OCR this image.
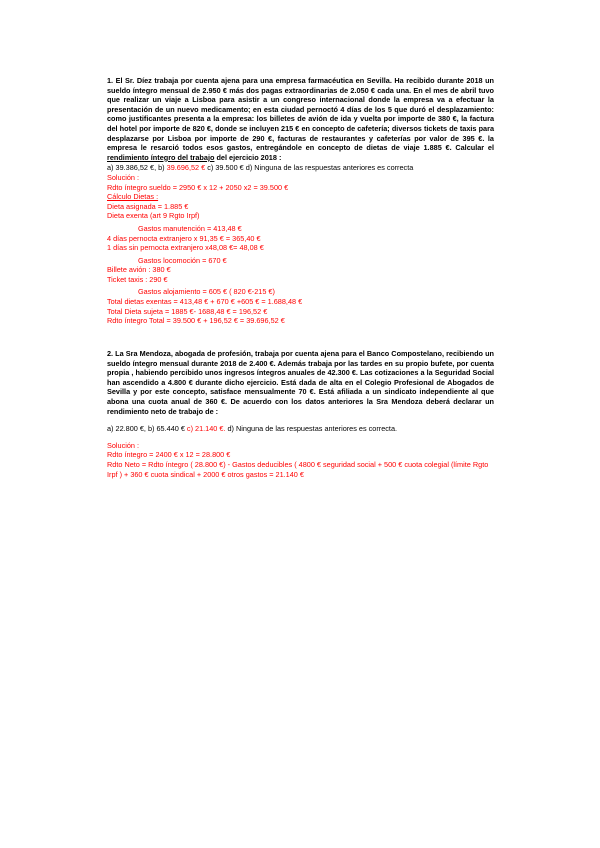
1. El Sr. Díez trabaja por cuenta ajena para una empresa farmacéutica en Sevilla. Ha recibido durante 2018 un sueldo íntegro mensual de 2.950 € más dos pagas extraordinarias de 2.050 € cada una. En el mes de abril tuvo que realizar un viaje a Lisboa para asistir a un congreso internacional donde la empresa va a efectuar la presentación de un nuevo medicamento; en esta ciudad pernoctó 4 días de los 5 que duró el desplazamiento: como justificantes presenta a la empresa: los billetes de avión de ida y vuelta por importe de 380 €, la factura del hotel por importe de 820 €, donde se incluyen 215 € en concepto de cafetería; diversos tickets de taxis para desplazarse por Lisboa por importe de 290 €, facturas de restaurantes y cafeterías por valor de 395 €. la empresa le resarció todos esos gastos, entregándole en concepto de dietas de viaje 1.885 €. Calcular el rendimiento íntegro del trabajo del ejercicio 2018 :
a) 39.386,52 €, b) 39.696,52 € c) 39.500 € d) Ninguna de las respuestas anteriores es correcta
Solución :
Rdto íntegro sueldo = 2950 € x 12 + 2050 x2 = 39.500 €
Cálculo Dietas :
Dieta asignada = 1.885 €
Dieta exenta (art 9 Rgto Irpf)
Gastos manutención = 413,48 €
4 días pernocta extranjero x 91,35 € = 365,40 €
1 días sin pernocta extranjero x48,08 €= 48,08 €
Gastos locomoción = 670 €
Billete avión : 380 €
Ticket taxis : 290 €
Gastos alojamiento = 605 € ( 820 €-215 €)
Total dietas exentas = 413,48 € + 670 € +605 € = 1.688,48 €
Total Dieta sujeta = 1885 €- 1688,48 € = 196,52 €
Rdto íntegro Total = 39.500 € + 196,52 € = 39.696,52 €
2. La Sra Mendoza, abogada de profesión, trabaja por cuenta ajena para el Banco Compostelano, recibiendo un sueldo íntegro mensual durante 2018 de 2.400 €. Además trabaja por las tardes en su propio bufete, por cuenta propia , habiendo percibido unos ingresos íntegros anuales de 42.300 €. Las cotizaciones a la Seguridad Social han ascendido a 4.800 € durante dicho ejercicio. Está dada de alta en el Colegio Profesional de Abogados de Sevilla y por este concepto, satisface mensualmente 70 €. Está afiliada a un sindicato independiente al que abona una cuota anual de 360 €. De acuerdo con los datos anteriores la Sra Mendoza deberá declarar un rendimiento neto de trabajo de :
a) 22.800 €, b) 65.440 € c) 21.140 €. d) Ninguna de las respuestas anteriores es correcta.
Solución :
Rdto íntegro = 2400 € x 12 = 28.800 €
Rdto Neto = Rdto íntegro ( 28.800 €) - Gastos deducibles ( 4800 € seguridad social + 500 € cuota colegial (límite Rgto Irpf ) + 360 € cuota sindical + 2000 € otros gastos = 21.140 €
